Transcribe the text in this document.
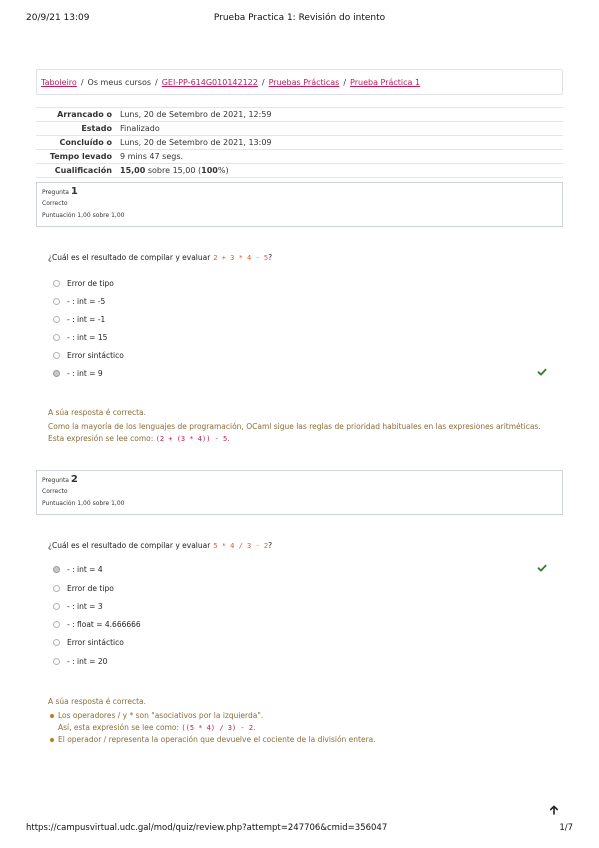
20/9/21 13:09	Prueba Practica 1: Revisión do intento
Taboleiro / Os meus cursos / GEI-PP-614G010142122 / Pruebas Prácticas / Prueba Práctica 1
Arrancado o	Luns, 20 de Setembro de 2021, 12:59
Estado	Finalizado
Concluído o	Luns, 20 de Setembro de 2021, 13:09
Tempo levado	9 mins 47 segs.
Cualificación	15,00 sobre 15,00 (100%)
Pregunta 1
Correcto
Puntuación 1,00 sobre 1,00
¿Cuál es el resultado de compilar y evaluar 2 + 3 * 4 - 5?
Error de tipo
- : int = -5
- : int = -1
- : int = 15
Error sintáctico
- : int = 9
A súa resposta é correcta.
Como la mayoría de los lenguajes de programación, OCaml sigue las reglas de prioridad habituales en las expresiones aritméticas.
Esta expresión se lee como: (2 + (3 * 4)) - 5.
Pregunta 2
Correcto
Puntuación 1,00 sobre 1,00
¿Cuál es el resultado de compilar y evaluar 5 * 4 / 3 - 2?
- : int = 4
Error de tipo
- : int = 3
- : float = 4.666666
Error sintáctico
- : int = 20
A súa resposta é correcta.
Los operadores / y * son "asociativos por la izquierda".
Así, esta expresión se lee como: ((5 * 4) / 3) - 2.
El operador / representa la operación que devuelve el cociente de la división entera.
https://campusvirtual.udc.gal/mod/quiz/review.php?attempt=247706&cmid=356047	1/7
